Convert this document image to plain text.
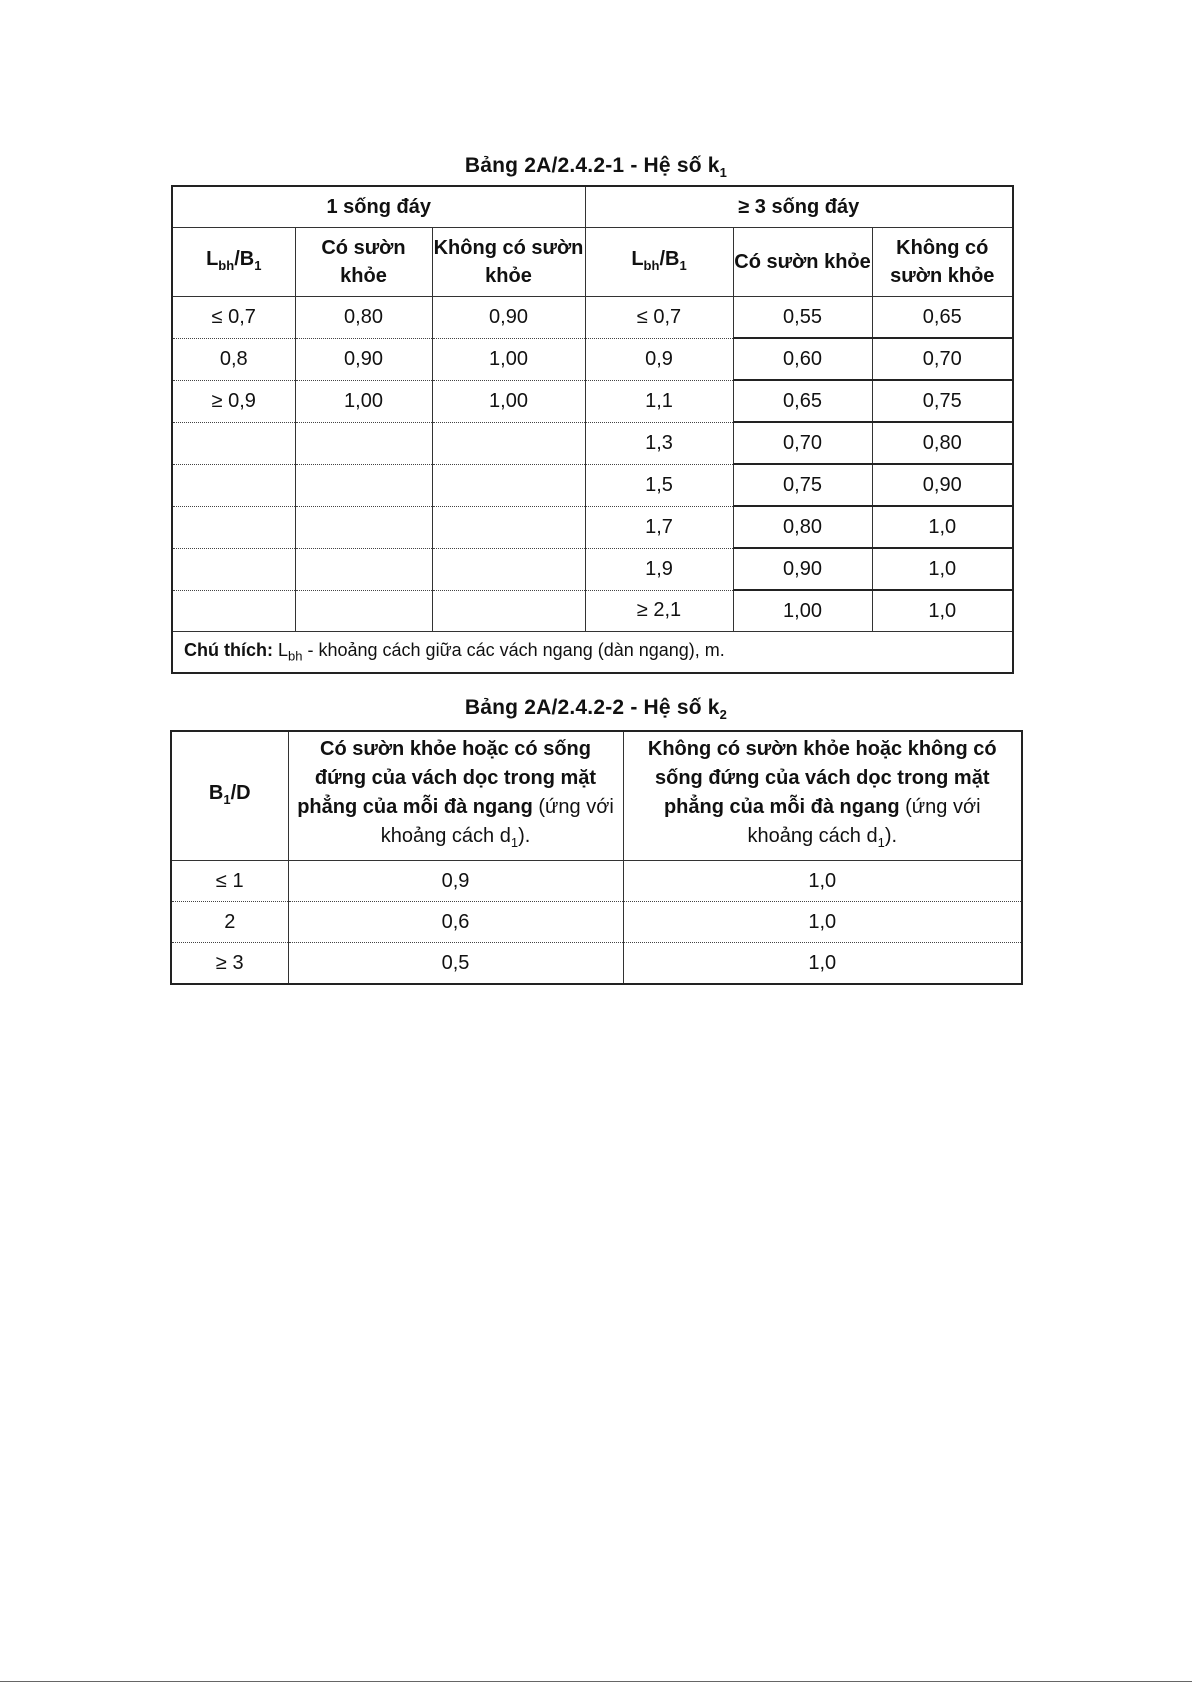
Bảng 2A/2.4.2-1 - Hệ số $k_1$
1 sống đáy			≥ 3 sống đáy		
$L_{bh}/B_1$	Có sườn khỏe	Không có sườn khỏe	$L_{bh}/B_1$	Có sườn khỏe	Không có sườn khỏe
≤ 0,7	0,80	0,90	≤ 0,7	0,55	0,65
0,8	0,90	1,00	0,9	0,60	0,70
≥ 0,9	1,00	1,00	1,1	0,65	0,75
			1,3	0,70	0,80
			1,5	0,75	0,90
			1,7	0,80	1,0
			1,9	0,90	1,0
			≥ 2,1	1,00	1,0
Chú thích: $L_{bh}$ - khoảng cách giữa các vách ngang (dàn ngang), m.					
Bảng 2A/2.4.2-2 - Hệ số $k_2$
$B_1/D$	Có sườn khỏe hoặc có sống đứng của vách dọc trong mặt phẳng của mỗi đà ngang (ứng với khoảng cách $d_1$).	Không có sườn khỏe hoặc không có sống đứng của vách dọc trong mặt phẳng của mỗi đà ngang (ứng với khoảng cách $d_1$).
≤ 1	0,9	1,0
2	0,6	1,0
≥ 3	0,5	1,0
